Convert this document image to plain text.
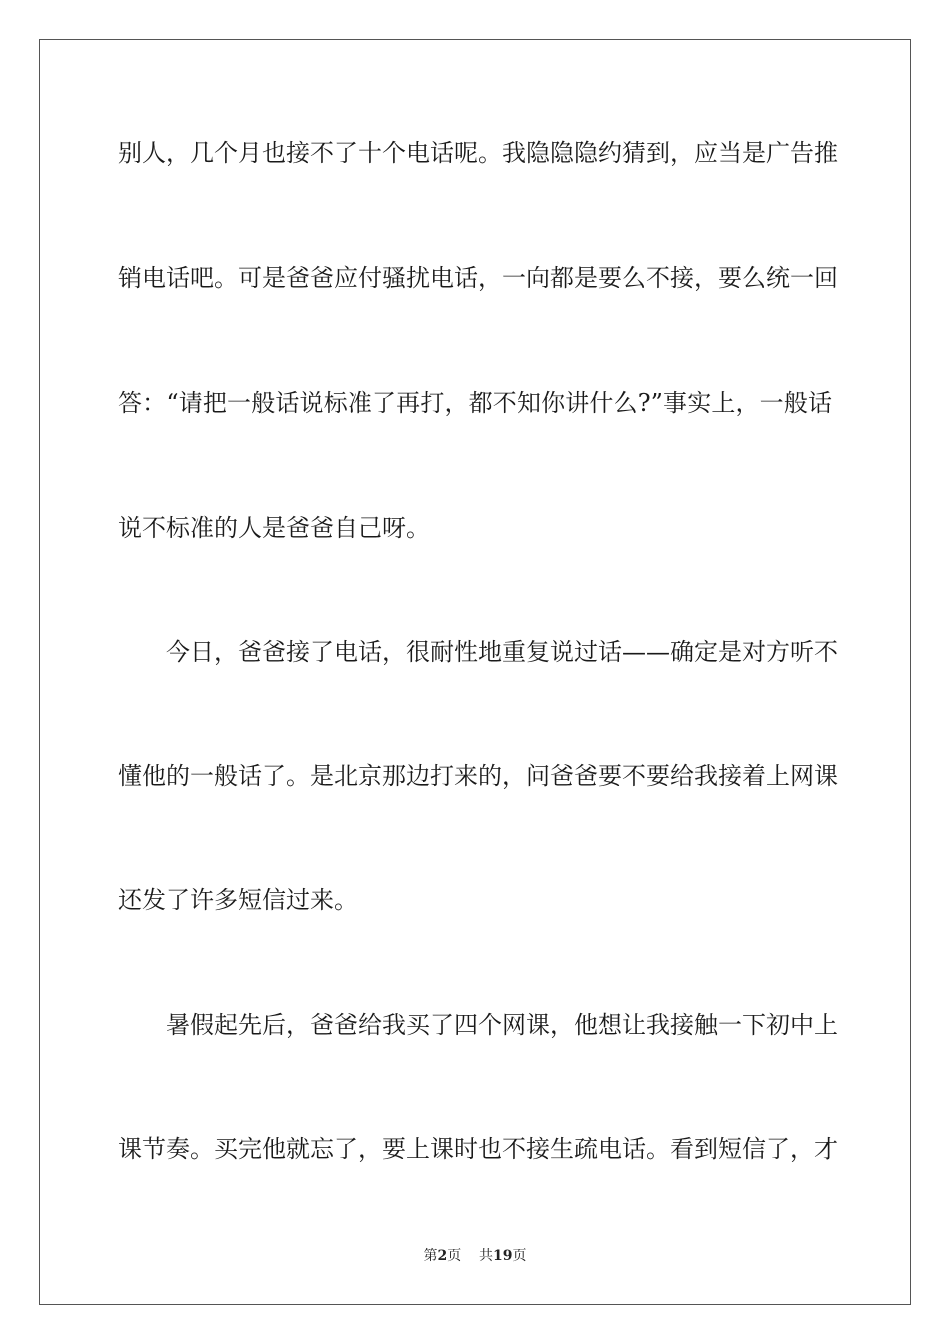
别人，几个月也接不了十个电话呢。我隐隐隐约猜到，应当是广告推
销电话吧。可是爸爸应付骚扰电话，一向都是要么不接，要么统一回
答：“请把一般话说标准了再打，都不知你讲什么?”事实上，一般话
说不标准的人是爸爸自己呀。
　　今日，爸爸接了电话，很耐性地重复说过话——确定是对方听不
懂他的一般话了。是北京那边打来的，问爸爸要不要给我接着上网课
还发了许多短信过来。
　　暑假起先后，爸爸给我买了四个网课，他想让我接触一下初中上
课节奏。买完他就忘了，要上课时也不接生疏电话。看到短信了，才
第2页 共19页
